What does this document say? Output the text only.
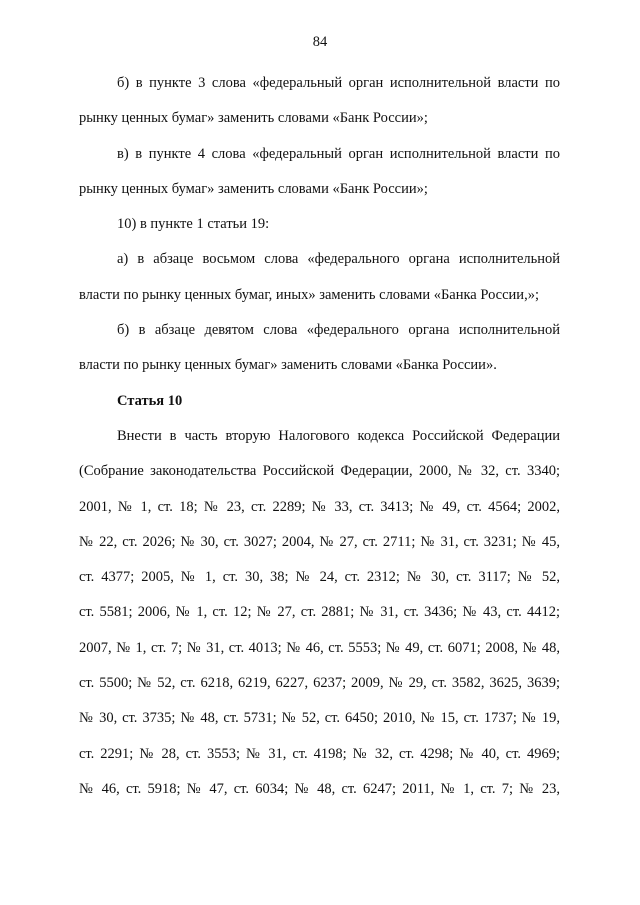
84

б) в пункте 3 слова «федеральный орган исполнительной власти по

рынку ценных бумаг» заменить словами «Банк России»;

в) в пункте 4 слова «федеральный орган исполнительной власти по

рынку ценных бумаг» заменить словами «Банк России»;

10) в пункте 1 статьи 19:

а) в абзаце восьмом слова «федерального органа исполнительной

власти по рынку ценных бумаг, иных» заменить словами «Банка России,»;

б) в абзаце девятом слова «федерального органа исполнительной

власти по рынку ценных бумаг» заменить словами «Банка России».

Статья 10

Внести в часть вторую Налогового кодекса Российской Федерации

(Собрание законодательства Российской Федерации, 2000, № 32, ст. 3340;

2001, № 1, ст. 18; № 23, ст. 2289; № 33, ст. 3413; № 49, ст. 4564; 2002,

№ 22, ст. 2026; № 30, ст. 3027; 2004, № 27, ст. 2711; № 31, ст. 3231; № 45,

ст. 4377; 2005, № 1, ст. 30, 38; № 24, ст. 2312; № 30, ст. 3117; № 52,

ст. 5581; 2006, № 1, ст. 12; № 27, ст. 2881; № 31, ст. 3436; № 43, ст. 4412;

2007, № 1, ст. 7; № 31, ст. 4013; № 46, ст. 5553; № 49, ст. 6071; 2008, № 48,

ст. 5500; № 52, ст. 6218, 6219, 6227, 6237; 2009, № 29, ст. 3582, 3625, 3639;

№ 30, ст. 3735; № 48, ст. 5731; № 52, ст. 6450; 2010, № 15, ст. 1737; № 19,

ст. 2291; № 28, ст. 3553; № 31, ст. 4198; № 32, ст. 4298; № 40, ст. 4969;

№ 46, ст. 5918; № 47, ст. 6034; № 48, ст. 6247; 2011, № 1, ст. 7; № 23,
